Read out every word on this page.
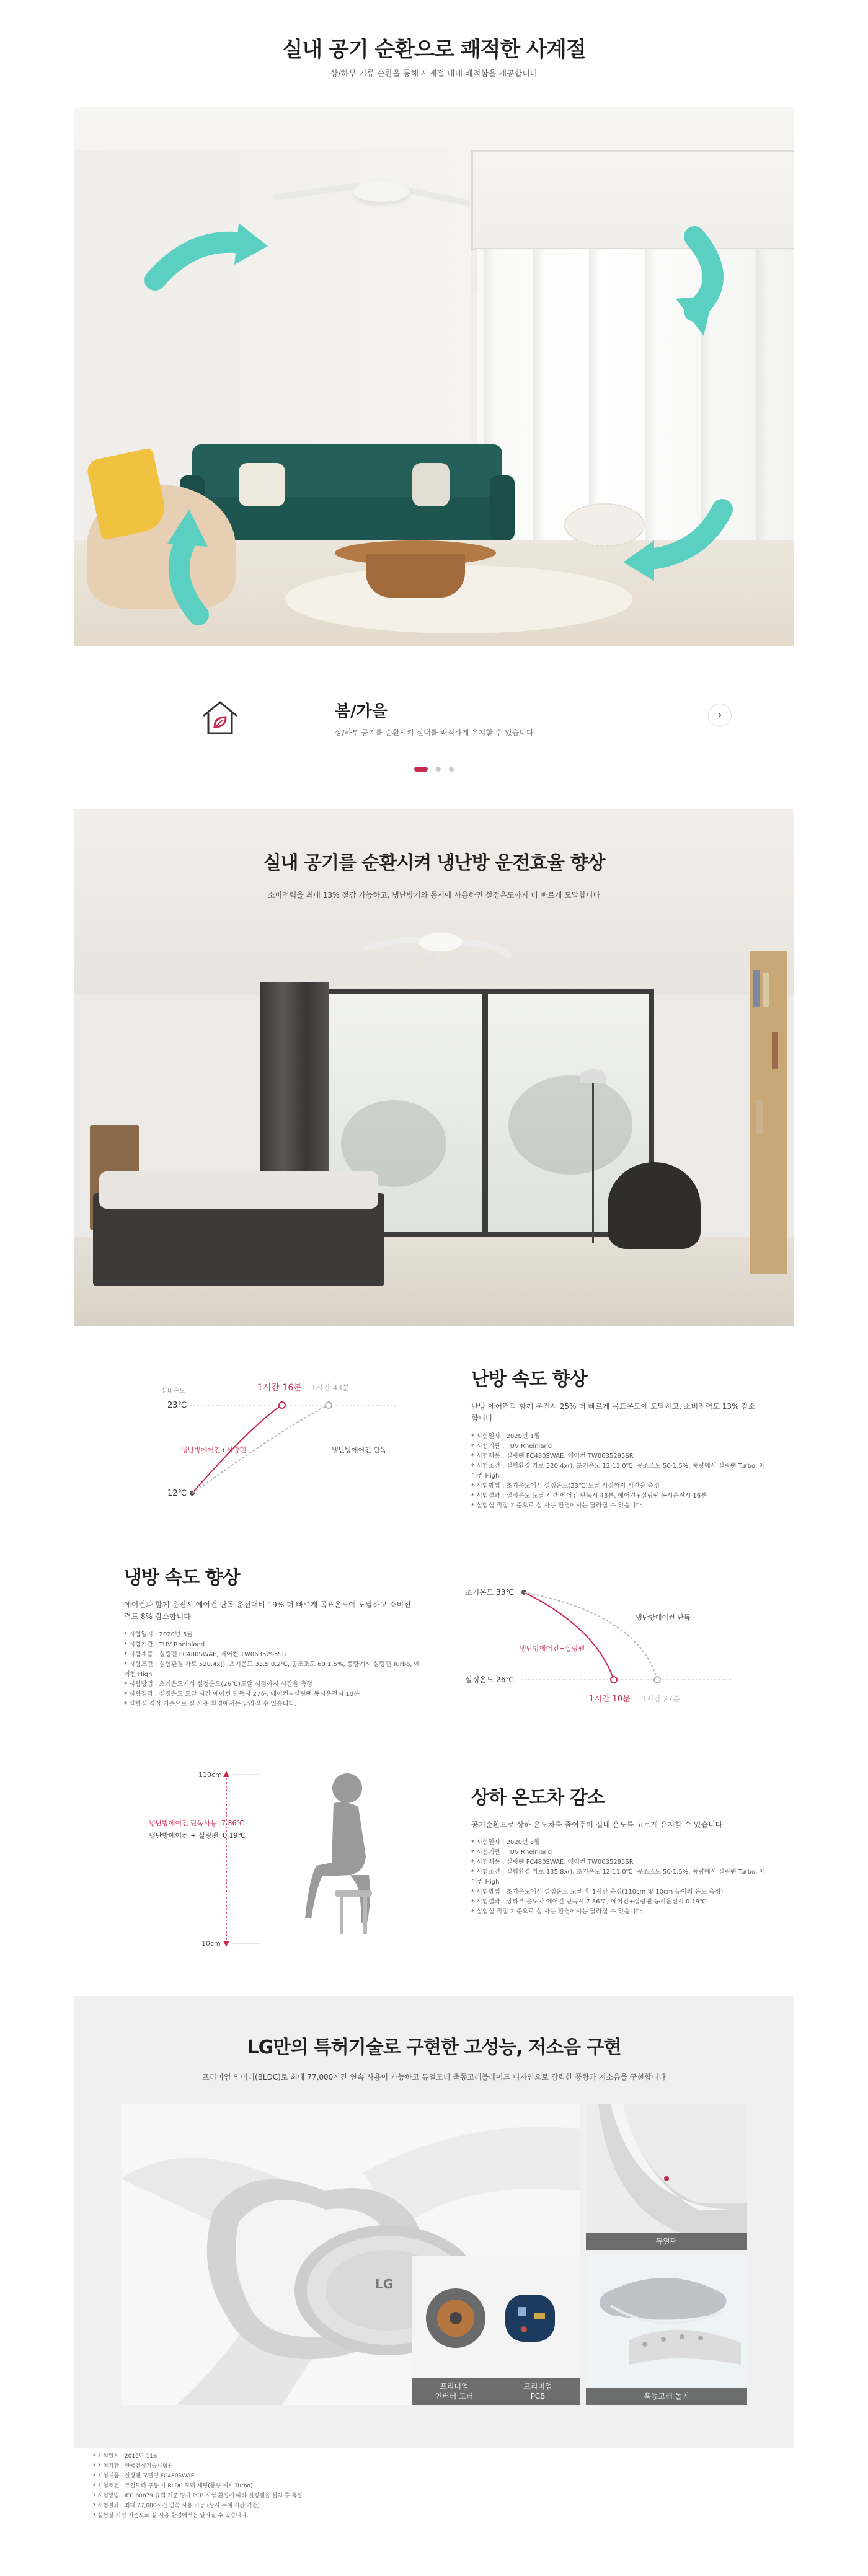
실내 공기 순환으로 쾌적한 사계절
상/하부 기류 순환을 통해 사계절 내내 쾌적함을 제공합니다
봄/가을
상/하부 공기를 순환시켜 실내를 쾌적하게 유지할 수 있습니다
›

실내 공기를 순환시켜 냉난방 운전효율 향상
소비전력을 최대 13% 절감 가능하고, 냉난방기와 동시에 사용하면 설정온도까지 더 빠르게 도달합니다
실내온도
23℃
12℃
1시간 16분 1시간 43분
냉난방에어컨+실링팬	냉난방에어컨 단독
난방 속도 향상
난방 에어컨과 함께 운전시 25% 더 빠르게 목표온도에 도달하고, 소비전력도 13% 감소합니다
* 시험일시 : 2020년 1월
* 시험기관 : TUV Rheinland
* 시험제품 : 실링팬 FC480SWAE, 에어컨 TW0635295SR
* 시험조건 : 실험환경 가로 520.4x(), 초기온도 12·11.0℃, 공조조도 50·1.5%, 풍량예시 실링팬 Turbo, 에어컨 High
* 시험방법 : 초기온도에서 설정온도(23℃)도달 시점까지 시간을 측정
* 시험결과 : 설정온도 도달 시간 에어컨 단독시 43분, 에어컨+실링팬 동시운전시 16분
* 실험실 직접 기준으로 실 사용 환경에서는 달라질 수 있습니다.
냉방 속도 향상
에어컨과 함께 운전시 에어컨 단독 운전대비 19% 더 빠르게 목표온도에 도달하고 소비전력도 8% 감소합니다
* 시험일시 : 2020년 5월
* 시험기관 : TUV Rheinland
* 시험제품 : 실링팬 FC480SWAE, 에어컨 TW0635295SR
* 시험조건 : 실험환경 가로 520.4x(), 초기온도 33.5·0.2℃, 공조조도 60·1.5%, 풍량예시 실링팬 Turbo, 에어컨 High
* 시험방법 : 초기온도에서 설정온도(26℃)도달 시점까지 시간을 측정
* 시험결과 : 설정온도 도달 시간 에어컨 단독시 27분, 에어컨+실링팬 동시운전시 10분
* 실험실 직접 기준으로 실 사용 환경에서는 달라질 수 있습니다.
초기온도 33℃
설정온도 26℃
냉난방에어컨+실링팬
냉난방에어컨 단독
1시간 10분 1시간 27분
110cm
10cm
냉난방에어컨 단독사용: 7.86℃
냉난방에어컨 + 실링팬: 0.19℃
상하 온도차 감소
공기순환으로 상하 온도차를 줄여주어 실내 온도를 고르게 유지할 수 있습니다
* 시험일시 : 2020년 3월
* 시험기관 : TUV Rheinland
* 시험제품 : 실링팬 FC480SWAE, 에어컨 TW0635295SR
* 시험조건 : 실험환경 가로 135.8x(), 초기온도 12·11.0℃, 공조조도 50·1.5%, 풍량예시 실링팬 Turbo, 에어컨 High
* 시험방법 : 초기온도에서 설정온도 도달 후 1시간 측정(110cm 및 10cm 높이의 온도 측정)
* 시험결과 : 상하부 온도차 에어컨 단독시 7.86℃, 에어컨+실링팬 동시운전시 0.19℃
* 실험실 직접 기준으로 실 사용 환경에서는 달라질 수 있습니다.
LG만의 특허기술로 구현한 고성능, 저소음 구현
프리미엄 인버터(BLDC)로 최대 77,000시간 연속 사용이 가능하고 듀얼모터 축동고래블레이드 디자인으로 강력한 풍량과 저소음을 구현합니다
LG
듀얼팬
프리미엄
인버터 모터
프리미엄
PCB	혹등고래 돌기
* 시험일시 : 2019년 11월
* 시험기관 : 한국건설기술시험원
* 시험제품 : 실링팬 모델명 FC480SWAE
* 시험조건 : 듀얼모터 구동 시 BLDC 모터 세팅(풍량 예시 Turbo)
* 시험방법 : IEC 60879 규격 기준 당사 PCB 시험 환경에 따라 실링팬을 설치 후 측정
* 시험결과 : 최대 77,000시간 연속 사용 가능 (상시 누계 시간 기준)
* 실험실 직접 기준으로 실 사용 환경에서는 달라질 수 있습니다.
